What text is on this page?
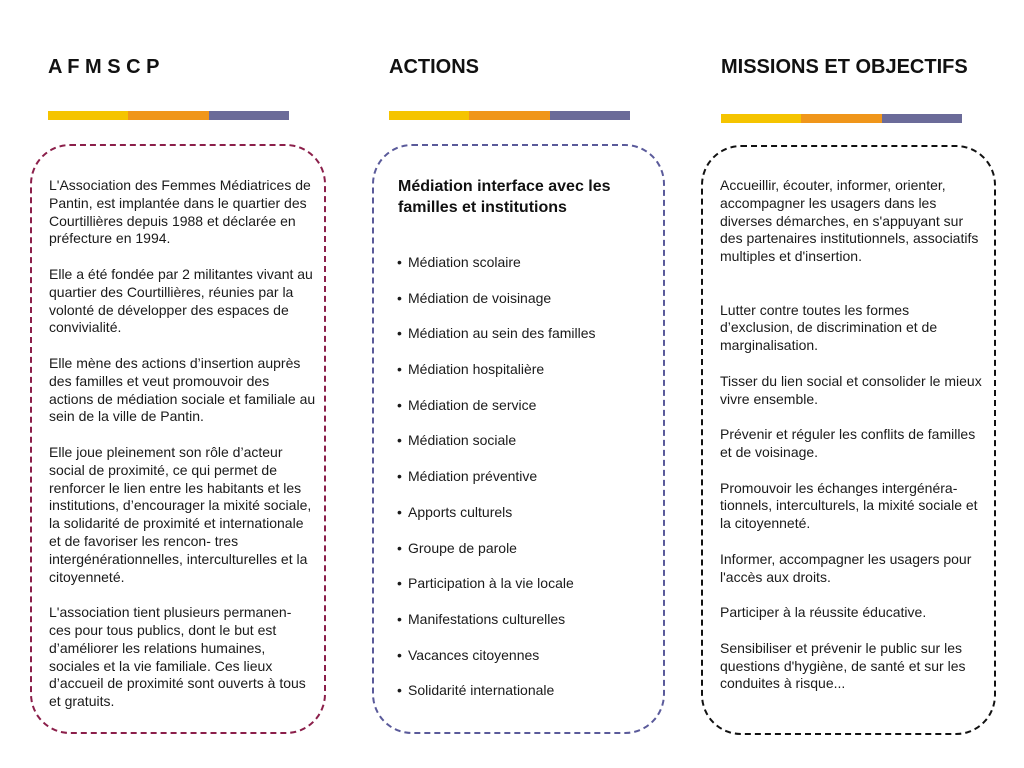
A F M S C P

L'Association des Femmes Médiatrices de Pantin, est implantée dans le quartier des Courtillières depuis 1988 et déclarée en préfecture en 1994.

Elle a été fondée par 2 militantes vivant au quartier des Courtillières, réunies par la volonté de développer des espaces de convivialité.

Elle mène des actions d’insertion auprès des familles et veut promouvoir des actions de médiation sociale et familiale au sein de la ville de Pantin.

Elle joue pleinement son rôle d’acteur social de proximité, ce qui permet de renforcer le lien entre les habitants et les institutions, d’encourager la mixité sociale, la solidarité de proximité et internationale et de favoriser les rencon- tres intergénérationnelles, interculturelles et la citoyenneté.

L'association tient plusieurs permanen- ces pour tous publics, dont le but est d’améliorer les relations humaines, sociales et la vie familiale. Ces lieux d’accueil de proximité sont ouverts à tous et gratuits.

ACTIONS
Médiation interface avec les familles et institutions
• Médiation scolaire
• Médiation de voisinage
• Médiation au sein des familles
• Médiation hospitalière
• Médiation de service
• Médiation sociale
• Médiation préventive
• Apports culturels
• Groupe de parole
• Participation à la vie locale
• Manifestations culturelles
• Vacances citoyennes
• Solidarité internationale
MISSIONS ET OBJECTIFS

Accueillir, écouter, informer, orienter, accompagner les usagers dans les diverses démarches, en s'appuyant sur des partenaires institutionnels, associatifs multiples et d'insertion.

Lutter contre toutes les formes d’exclusion, de discrimination et de marginalisation.

Tisser du lien social et consolider le mieux vivre ensemble.

Prévenir et réguler les conflits de familles et de voisinage.

Promouvoir les échanges intergénéra- tionnels, interculturels, la mixité sociale et la citoyenneté.

Informer, accompagner les usagers pour l'accès aux droits.

Participer à la réussite éducative.

Sensibiliser et prévenir le public sur les questions d'hygiène, de santé et sur les conduites à risque...
